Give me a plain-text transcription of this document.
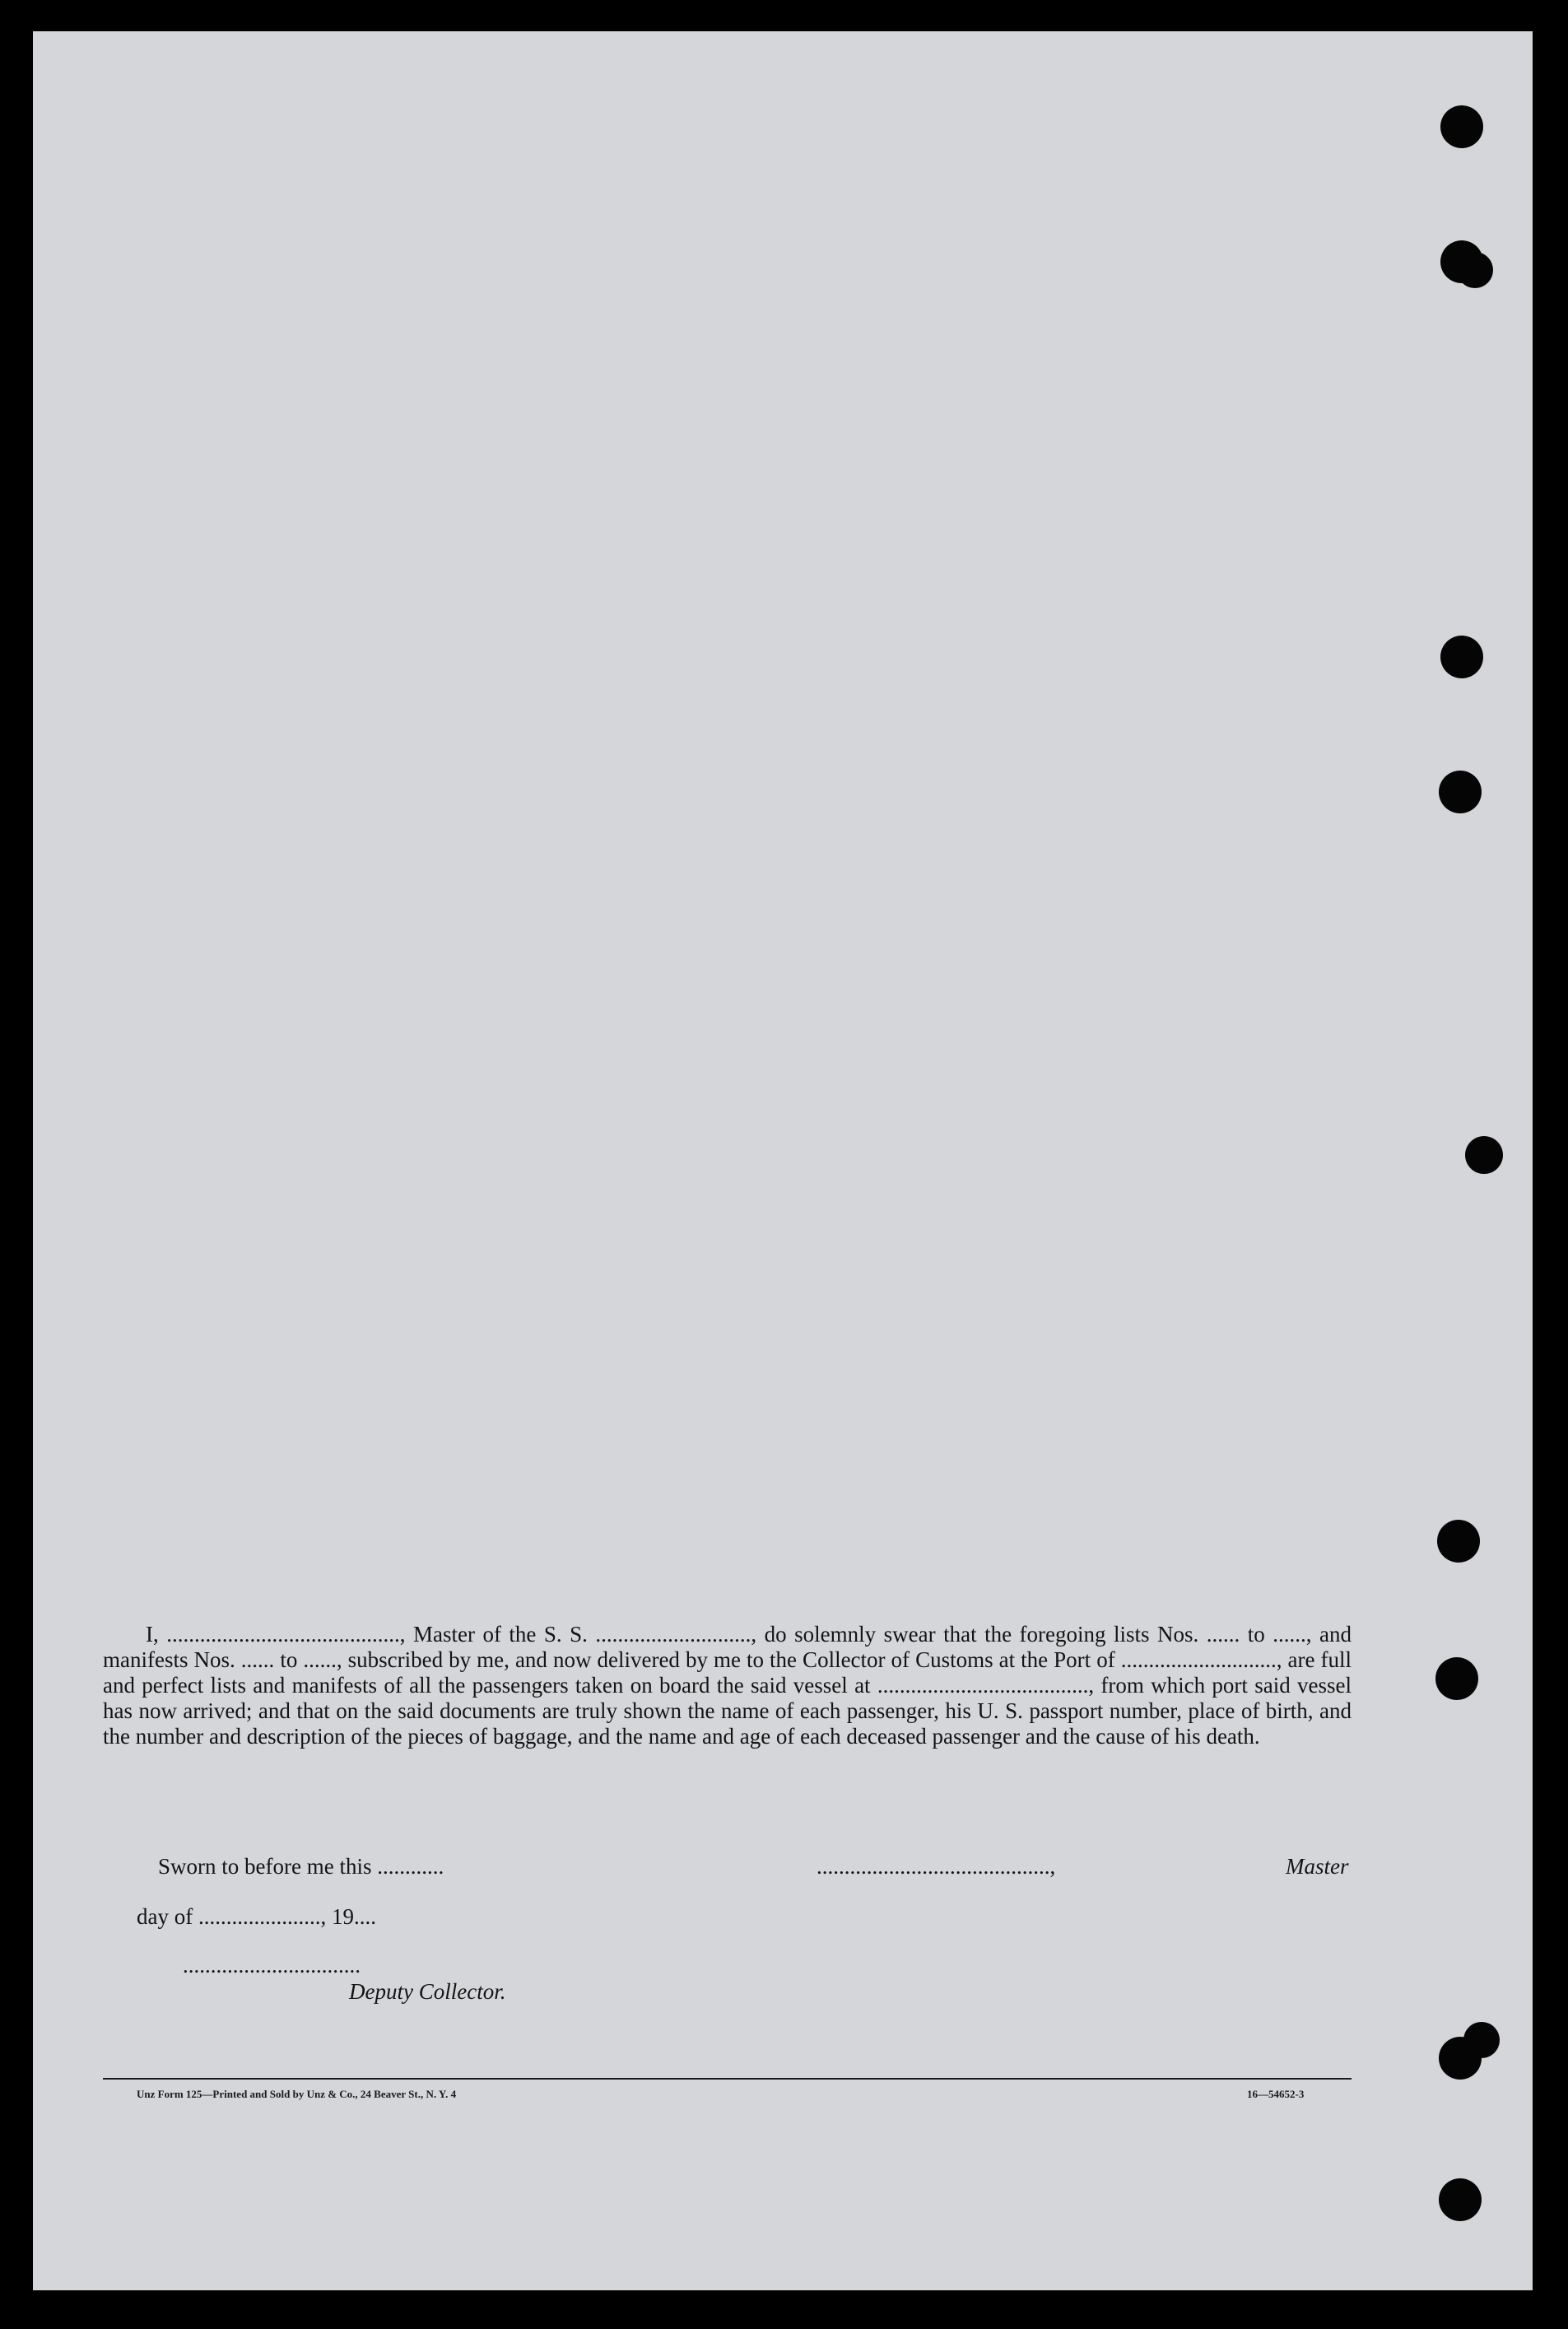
I, .........................................., Master of the S. S. ............................, do solemnly swear that the foregoing lists Nos. ...... to ......, and manifests Nos. ...... to ......, subscribed by me, and now delivered by me to the Collector of Customs at the Port of ............................, are full and perfect lists and manifests of all the passengers taken on board the said vessel at ......................................, from which port said vessel has now arrived; and that on the said documents are truly shown the name of each passenger, his U. S. passport number, place of birth, and the number and description of the pieces of baggage, and the name and age of each deceased passenger and the cause of his death.

Sworn to before me this ............
day of ......................, 19....
................................
Deputy Collector.
..........................................,	Master
Unz Form 125—Printed and Sold by Unz & Co., 24 Beaver St., N. Y. 4	16—54652-3
